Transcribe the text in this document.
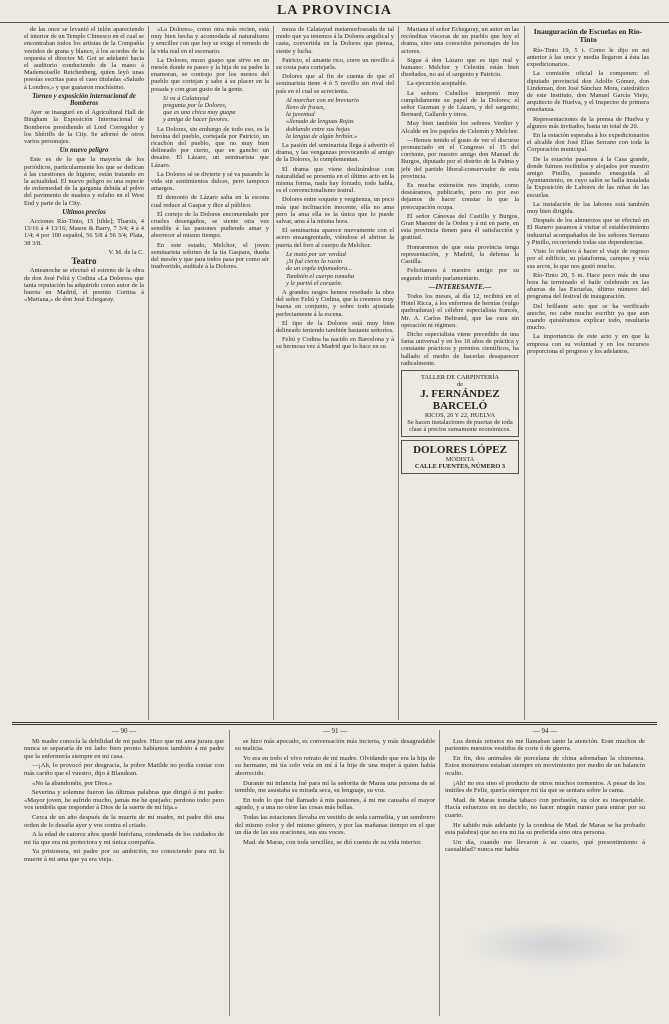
LA PROVINCIA

de las once se levantó el telón apareciendo el interior de un Templo Chinesco en el cual se encontraban todos los artistas de la Compañía vestidos de grana y blanco, á los acordes de la orquesta el director M. Got se adelantó hacia el auditorio conduciendo de la mano á Mademoiselle Reichenberg, quien leyó unas poesías escritas para el caso tituladas «Saludo á Londres,» y que gustaron muchísimo.

Torneo y exposición internacional de Bomberos

Ayer se inauguró en el Agricultural Hall de Bingham la Exposición Internacional de Bomberos presidiendo el Lord Corregidor y los Shériffs de la City. Se adornó de otros varios personajes.

Un nuevo peligro

Este es de lo que la mayoría de los periódicos, particularmente los que se dedican á las cuestiones de higiene, están tratando en la actualidad. El nuevo peligro es una especie de enfermedad de la garganta debida al polvo del pavimento de madera y esfalto en el West End y parte de la City.

Ultimos precios

Acciones Río-Tinto, 15 [tilde]; Tharsis, 4 15/16 á 4 13/16; Mason & Barry, 7 3/4; 4 á 4 1/4; 4 por 100 español, 56 5/8 á 56 3/4; Plata, 38 3/8.

V. M. de la C.

Teatro

Anteanoche se efectuó el estreno de la obra de don José Feliú y Codina «La Dolores» que tanta reputación ha adquirido como autor de la huerta en Madrid, el premio Cortina á «Mariana,» de don José Echegaray.

«La Dolores», como otra más recien, está muy bien hecha y acomodada al naturalismo y sencillez con que hoy se exige el remedo de la vida real en el escenario.

La Dolores, mozo guapo que sirve en un mesón donde es paseo y la hija de su padre la enamoran, se contrajo por los menos del pueblo que cortejan y sabe á su placer en la posada y con gran gusto de la gente.

Si va á Calatayud
pregunta por la Dolores,
que es una chica muy guapa
y amiga de hacer favores.

La Dolores, sin embargo de todo eso, es la heroína del pueblo, cortejada por Patricio, un ricachón del pueblo, que no muy bien delineado por cierto, que en gancho un desaire. El Lázaro, un seminarista que Lázaro.

La Dolores sé se divierte y sé va pasando la vida sin sentimientos dulces, pero tampoco amargos.

El demonio de Lázaro salta en la escena cual reduce al Gaspar y dice al público.

El cortejo de la Dolores encomendado por crueles desengaños, se siente otra vez sensible á las pasiones pudiendo amar y aborrecer al mismo tiempo.

En este estado, Melchor, el joven seminarista sobrino de la tía Gaspara, dueña del mesón y que para todos pasa por como sér inadvertido, auditale á la Dolores.

moza de Calatayud metamorfoseada de tal modo que ya tenemos á la Dolores angelical y casta, convertida en la Dolores que piensa, siente y lucha.

Patricio, el amante rico, corre un novillo á su costa para cortejarla.

Dolores que al fin de cuenta de que el seminarista tiene 4 ó 5 novillo sin rival del país en el cual se acrecienta.

Al marchar con mi breviario
lleno de frases,
la juventud
«llenado de lenguas Rojas
doblando entre sus hojas
la lengua de algún bribón.»

La pasión del seminarista llega á advertir el drama, y las venganzas provocando al amigo de la Dolores, lo complementan.

El drama que viene deslizándose con naturalidad se presenta en el último acto en la misma forma, nada hay forzado, todo habla, es el convencionalismo teatral.

Dolores entre soquete y vergüenza, un poco más que inclinación inocente, ella no ama pero la ama ella es la única que lo puede salvar, ama á la misma hora.

El seminarista aparece nuevamente con el acero ensangrentado, viéndose el abrirse la puerta del foro al cuerpo de Melchor.

Le mató por ser verdad
¡Si fué cierto la razón
de un copla infamadora...
También el cuerpo tomaba
y le partió el corazón.

A grandes rasgos hemos reseñado la obra del señor Feliú y Codina, que la creemos muy buena en conjunto, y sobre todo ajustada perfectamente á la escena.

El tipo de la Dolores está muy bien delineado teniendo también bastante señoríos.

Feliú y Codina ha nacido en Barcelona y á su hermosa vez á Madrid que lo hace en su

Mariana el señor Echegaray, un autor en las recónditas vísceras de un pueblo que hoy el drama, sino una conocidos personajes de los actores.

Sigue á don Lázaro que es tipo real y humano: Melchor y Celestin están bien diseñados, no así el sargento y Patricio.

La ejecución aceptable.

La señora Cubellos interpretó muy cumplidamente su papel de la Dolores; el señor Guzman y de Lázaro, y del sargento; Bernard, Gallardo y otros.

Muy bien también los señores Verdier y Alcalde en los papeles de Celemín y Melchor.

—Hemos tenido el gusto de ver el discurso pronunciado en el Congreso el 15 del corriente, por nuestro amigo don Manuel de Burgos, diputado por el distrito de la Palma y jefe del partido liberal-conservador de esta provincia.

Es mucha extensión nos impide, como deseáramos, publicarlo, pero no por eso dejamos de hacer constar lo que la preocupación ocupa.

El señor Cánovas del Castillo y Burgos, Gran Maestre de la Orden y á mi en parte, en esta provincia tienen para él satisfacción y gratitud.

Honraremos de que esta provincia tenga representación, y Madrid, la defensa la Castilla.

Felicitamos á nuestro amigo por su segundo triunfo parlamentario.

—INTERESANTE.—

Todos los meses, al día 12, recibirá en el Hotel Ricca, á los enfermos de hernias (vulgo quebraduras) el célebre especialista francés, Mr. A. Carlos Beltrand, que las cura sin operación ni régimen.

Dicho especialista viene precedido de una fama universal y en los 18 años de práctica y constante prácticos y premios científicos, ha hallado el medio de hacerlas desaparecer radicalmente.

TALLER DE CARPINTERÍA
de
J. FERNÁNDEZ BARCELÓ
RICOS, 20 Y 22, HUELVA
Se hacen instalaciones de puertas de toda clase á precios sumamente económicos.
DOLORES LÓPEZ
MODISTA
CALLE FUENTES, NÚMERO 3
Inauguración de Escuelas en Río-Tinto

Río-Tinto 19, 5 t. Como le dijo en mi anterior á las once y media llegaron á ésta las expedicionarios.

La comisión oficial la componen: el diputado provincial don Adolfo Gómez, don Lindeman, don José Sánchez Mora, catedrático de este Instituto, don Manuel García Viejo, arquitecto de Huelva, y el Inspector de primera enseñanza.

Representaciones de la prensa de Huelva y algunos más invitados, hasta un total de 20.

En la estación esperaba á los expedicionarios el alcalde don José Elías Serrano con toda la Corporación municipal.

De la estación pasamos á la Casa grande, donde fuimos recibidos y alojados por nuestro amigo Pinillo, pasando enseguida al Ayuntamiento, en cuyo salón se halla instalada la Exposición de Labores de las niñas de las escuelas.

La instalación de las labores está también muy bien dirigida.

Después de los almuerzos que se efectuó en El Ranero pasamos á visitar el establecimiento industrial acompañados de los señores Serrano y Pinillo, recorriendo todas sus dependencias.

Visto lo relativo á hacer el viaje de regreso por el edificio, su plataforma, campos y veía sus arcos, lo que nos gustó mucho.

Río-Tinto 20, 5 m. Hace poco más de una hora ha terminado el baile celebrado en las afueras de las Escuelas, último número del programa del festival de inauguración.

Del brillante acto que se ha verificado anoche, no cabe mucho escribir ya que aun cuando quisiéramos explicar todo, resultaría mucho.

La importancia de este acto y en que la empresa con su voluntad y en los recursos proporciona el progreso y los adelantos.

— 90 —

Mi madre conocía la debilidad de mi padre. Hizo que mi ama jurara que nunca se separaría de mi lado: bien pronto habíamos también á mi padre que la enfermería siempre en mi casa.

—¡Ah, lo provocó por desgracia, la pobre Matilde no podía contar con más cariño que el vuestro, dijo á Blandean.

«No la abandonéis, por Dios.»

Severina y solemne fueron las últimas palabras que dirigió á mi padre: «Mayor joven, he sufrido mucho, jamás me he quejado; perdono todo: pero vos tendréis que responder á Dios de la suerte de mi hija.»

Cerca de un año después de la muerte de mi madre, mi padre dió una orden de lo desafía ayer y vos contra el criado.

A la edad de catorce años quedé huérfana, condenada de los cuidados de mi tía que era mi protectora y mi única compañía.

Ya prisionera, mi padre por su ambición, no conociendo para mi la muerte á mi ama que ya era vieja.

— 91 —

se hizo más apocado, es conversación más incierta, y más desagradable su malicia.

Yo era en todo el vivo retrato de mi madre. Olvidando que era la hija de su hermano, mi tía solo veía en mí á la hija de una mujer á quien había aborrecido.

Durante mi infancia fué para mí la señorita de Maras una persona de sé temible, me asustaba su mirada seca, su lenguaje, su voz.

En todo lo que fué llamado á mis pasiones, á mi me causaba el mayor agrado, y a una no oírse las cosas más bellas.

Todas las estaciones llevaba en vestido de seda carmelita, y un sombrero del mismo color y del mismo género, y por las mañanas tiempo en el que un día de las sus oraciones, sus sus voces.

Mad. de Maras, con toda sencillez, se dió cuenta de su vida interior.

— 94 —

Los demás retratos no me llamaban tanto la atención. Eran muchos de parientes nuestros vestidos de corte ó de guerra.

En fin, dos animales de porcelana de china adornaban la chimenea. Estos monstruos estaban siempre en movimiento por medio de un balancín oculto.

¡Ah! no era sino el producto de otros muchos tormentos. A pesar de los inútiles de Feliz, quería siempre mi tía que se sentara sobre la cama.

Mad. de Maras tomaba tabaco con profusión, su olor es insoportable. Hacía esfuerzos en no decirlo, no hacer ningún rumor para entrar por su cuarto.

He sabido más adelante (y la condesa de Mad. de Maras se ha probado esta palabra) que no era mi tía su preferida sino otra persona.

Un día, cuando me llevaron á su cuarto, qué presentimiento á casualidad? nunca me había
